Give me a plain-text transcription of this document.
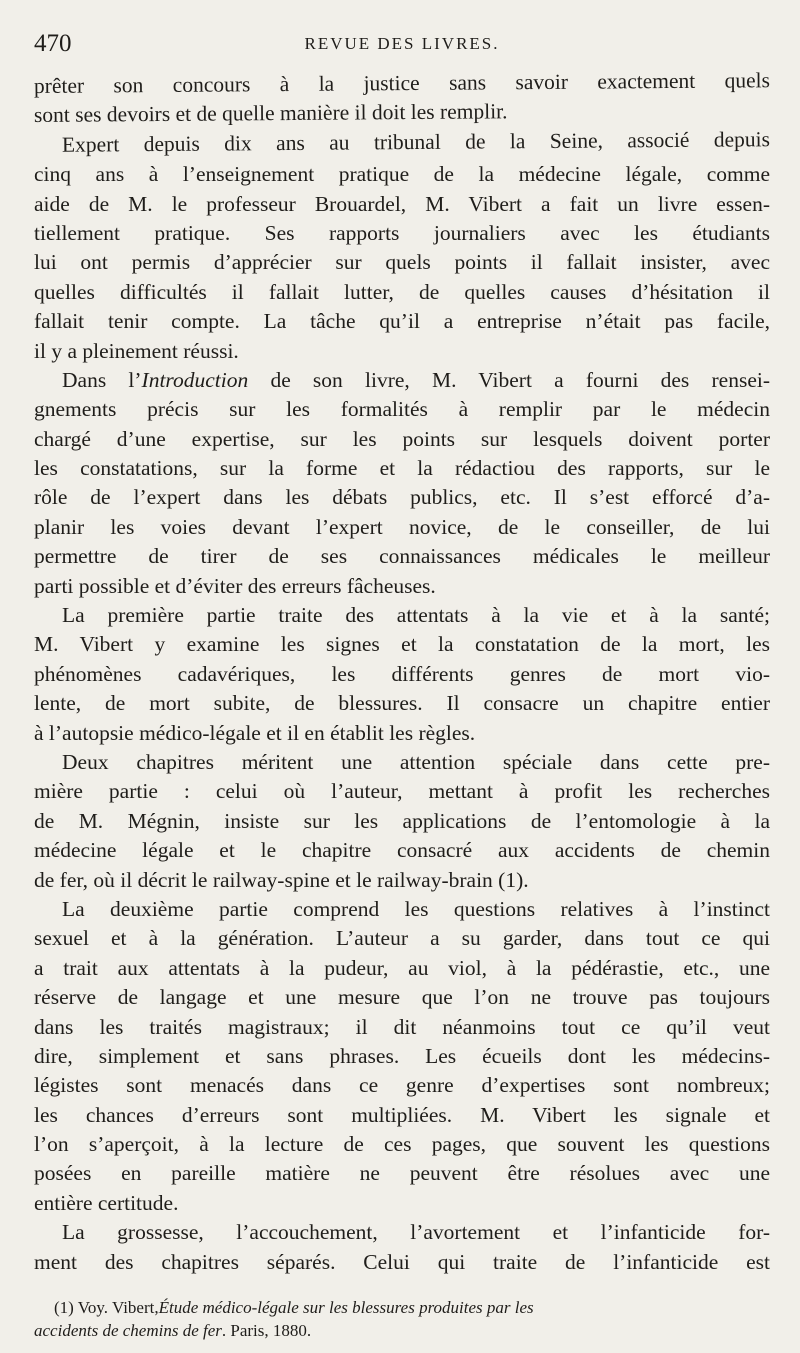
470	REVUE DES LIVRES.
prêter son concours à la justice sans savoir exactement quels
sont ses devoirs et de quelle manière il doit les remplir.
Expert depuis dix ans au tribunal de la Seine, associé depuis
cinq ans à l’enseignement pratique de la médecine légale, comme
aide de M. le professeur Brouardel, M. Vibert a fait un livre essen-
tiellement pratique. Ses rapports journaliers avec les étudiants
lui ont permis d’apprécier sur quels points il fallait insister, avec
quelles difficultés il fallait lutter, de quelles causes d’hésitation il
fallait tenir compte. La tâche qu’il a entreprise n’était pas facile,
il y a pleinement réussi.
Dans l’Introduction de son livre, M. Vibert a fourni des rensei-
gnements précis sur les formalités à remplir par le médecin
chargé d’une expertise, sur les points sur lesquels doivent porter
les constatations, sur la forme et la rédactiou des rapports, sur le
rôle de l’expert dans les débats publics, etc. Il s’est efforcé d’a-
planir les voies devant l’expert novice, de le conseiller, de lui
permettre de tirer de ses connaissances médicales le meilleur
parti possible et d’éviter des erreurs fâcheuses.
La première partie traite des attentats à la vie et à la santé;
M. Vibert y examine les signes et la constatation de la mort, les
phénomènes cadavériques, les différents genres de mort vio-
lente, de mort subite, de blessures. Il consacre un chapitre entier
à l’autopsie médico-légale et il en établit les règles.
Deux chapitres méritent une attention spéciale dans cette pre-
mière partie : celui où l’auteur, mettant à profit les recherches
de M. Mégnin, insiste sur les applications de l’entomologie à la
médecine légale et le chapitre consacré aux accidents de chemin
de fer, où il décrit le railway-spine et le railway-brain (1).
La deuxième partie comprend les questions relatives à l’instinct
sexuel et à la génération. L’auteur a su garder, dans tout ce qui
a trait aux attentats à la pudeur, au viol, à la pédérastie, etc., une
réserve de langage et une mesure que l’on ne trouve pas toujours
dans les traités magistraux; il dit néanmoins tout ce qu’il veut
dire, simplement et sans phrases. Les écueils dont les médecins-
légistes sont menacés dans ce genre d’expertises sont nombreux;
les chances d’erreurs sont multipliées. M. Vibert les signale et
l’on s’aperçoit, à la lecture de ces pages, que souvent les questions
posées en pareille matière ne peuvent être résolues avec une
entière certitude.
La grossesse, l’accouchement, l’avortement et l’infanticide for-
ment des chapitres séparés. Celui qui traite de l’infanticide est
(1) Voy. Vibert,Étude médico-légale sur les blessures produites par les
accidents de chemins de fer. Paris, 1880.
